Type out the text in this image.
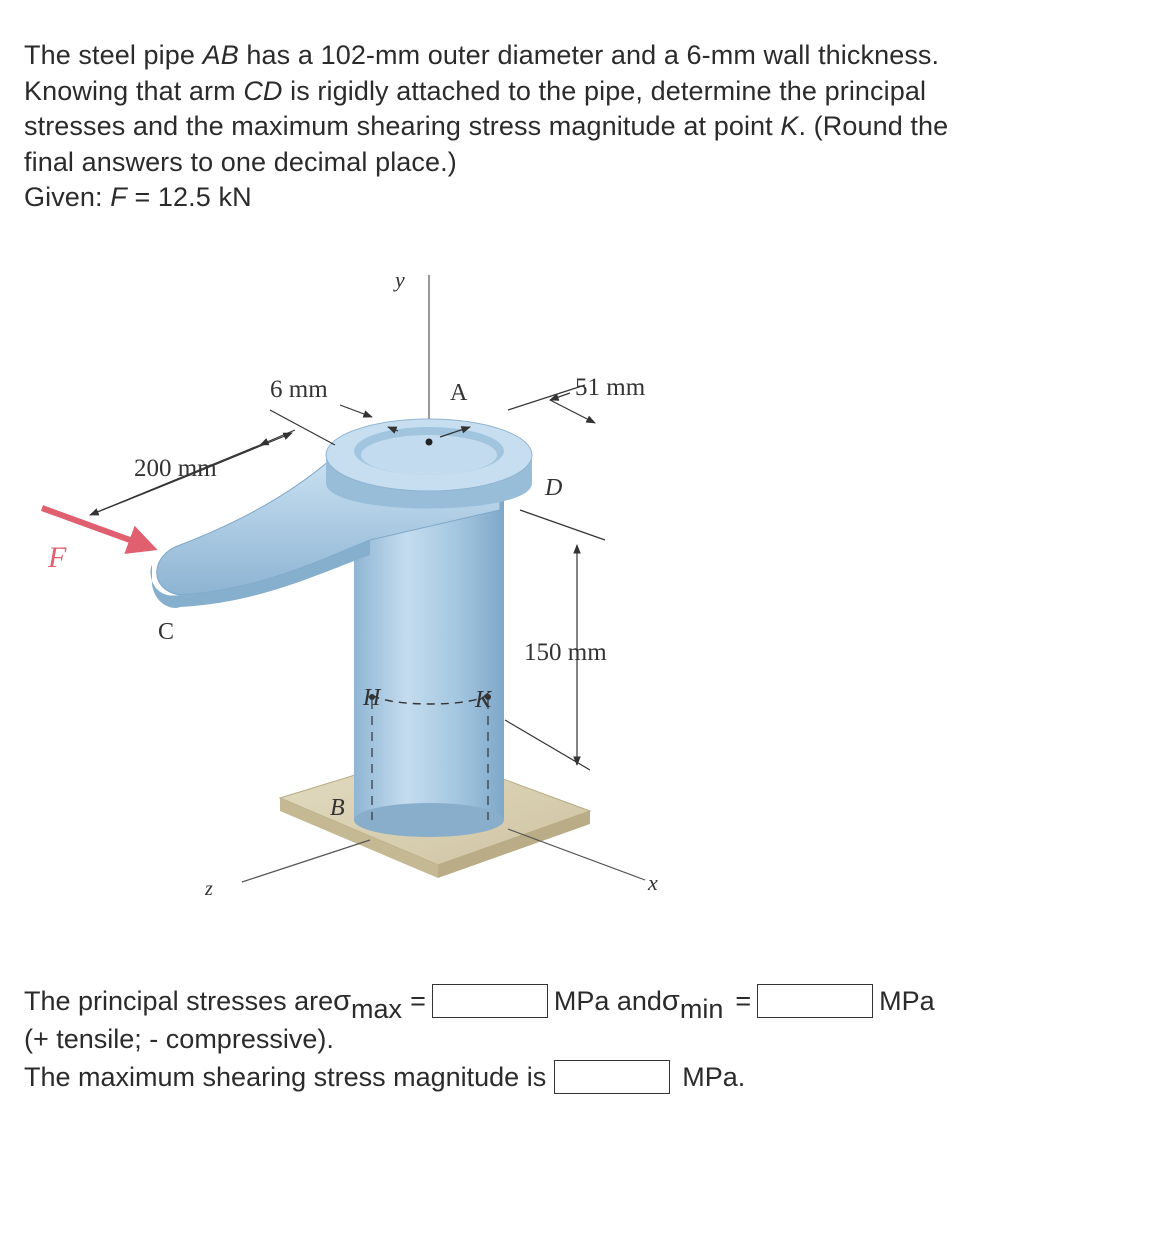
The steel pipe AB has a 102-mm outer diameter and a 6-mm wall thickness.

Knowing that arm CD is rigidly attached to the pipe, determine the principal

stresses and the maximum shearing stress magnitude at point K. (Round the

final answers to one decimal place.)

Given: F = 12.5 kN

y
6 mm	A	51 mm
200 mm
D
F
C
150 mm
H	K
B
z	x
The principal stresses are σ max =	MPa and σ min =	MPa
(+ tensile; - compressive).
The maximum shearing stress magnitude is	MPa.
